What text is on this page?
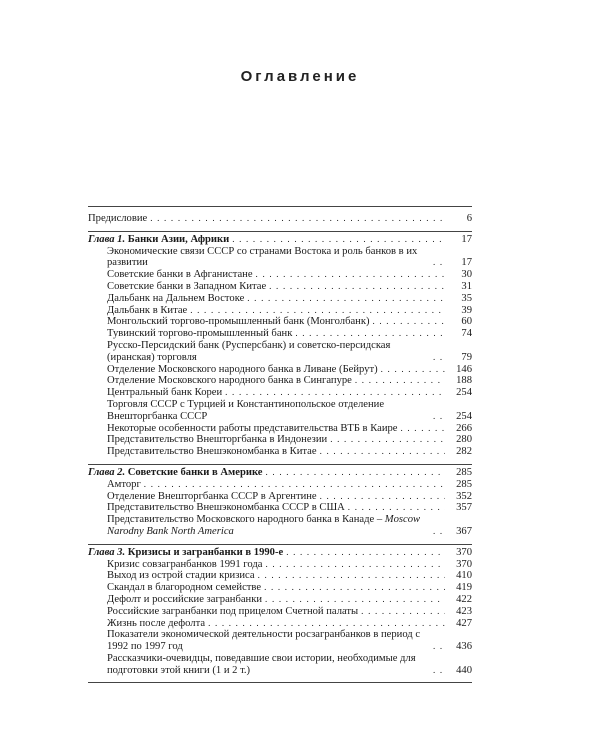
Оглавление
Предисловие . . .	6
Глава 1. Банки Азии, Африки . . .	17
Экономические связи СССР со странами Востока и роль банков в их развитии . . .	17
Советские банки в Афганистане . . .	30
Советские банки в Западном Китае . . .	31
Дальбанк на Дальнем Востоке . . .	35
Дальбанк в Китае . . .	39
Монгольский торгово-промышленный банк (Монголбанк) . . .	60
Тувинский торгово-промышленный банк . . .	74
Русско-Персидский банк (Русперсбанк) и советско-персидская (иранская) торговля . . .	79
Отделение Московского народного банка в Ливане (Бейрут) . . .	146
Отделение Московского народного банка в Сингапуре . . .	188
Центральный банк Кореи . . .	254
Торговля СССР с Турцией и Константинопольское отделение Внешторгбанка СССР . . .	254
Некоторые особенности работы представительства ВТБ в Каире . . .	266
Представительство Внешторгбанка в Индонезии . . .	280
Представительство Внешэкономбанка в Китае . . .	282
Глава 2. Советские банки в Америке . . .	285
Амторг . . .	285
Отделение Внешторгбанка СССР в Аргентине . . .	352
Представительство Внешэкономбанка СССР в США . . .	357
Представительство Московского народного банка в Канаде – Moscow Narodny Bank North America . . .	367
Глава 3. Кризисы и загранбанки в 1990-е . . .	370
Кризис совзагранбанков 1991 года . . .	370
Выход из острой стадии кризиса . . .	410
Скандал в благородном семействе . . .	419
Дефолт и российские загранбанки . . .	422
Российские загранбанки под прицелом Счетной палаты . . .	423
Жизнь после дефолта . . .	427
Показатели экономической деятельности росзагранбанков в период с 1992 по 1997 год . . .	436
Рассказчики-очевидцы, поведавшие свои истории, необходимые для подготовки этой книги (1 и 2 т.) . . .	440
